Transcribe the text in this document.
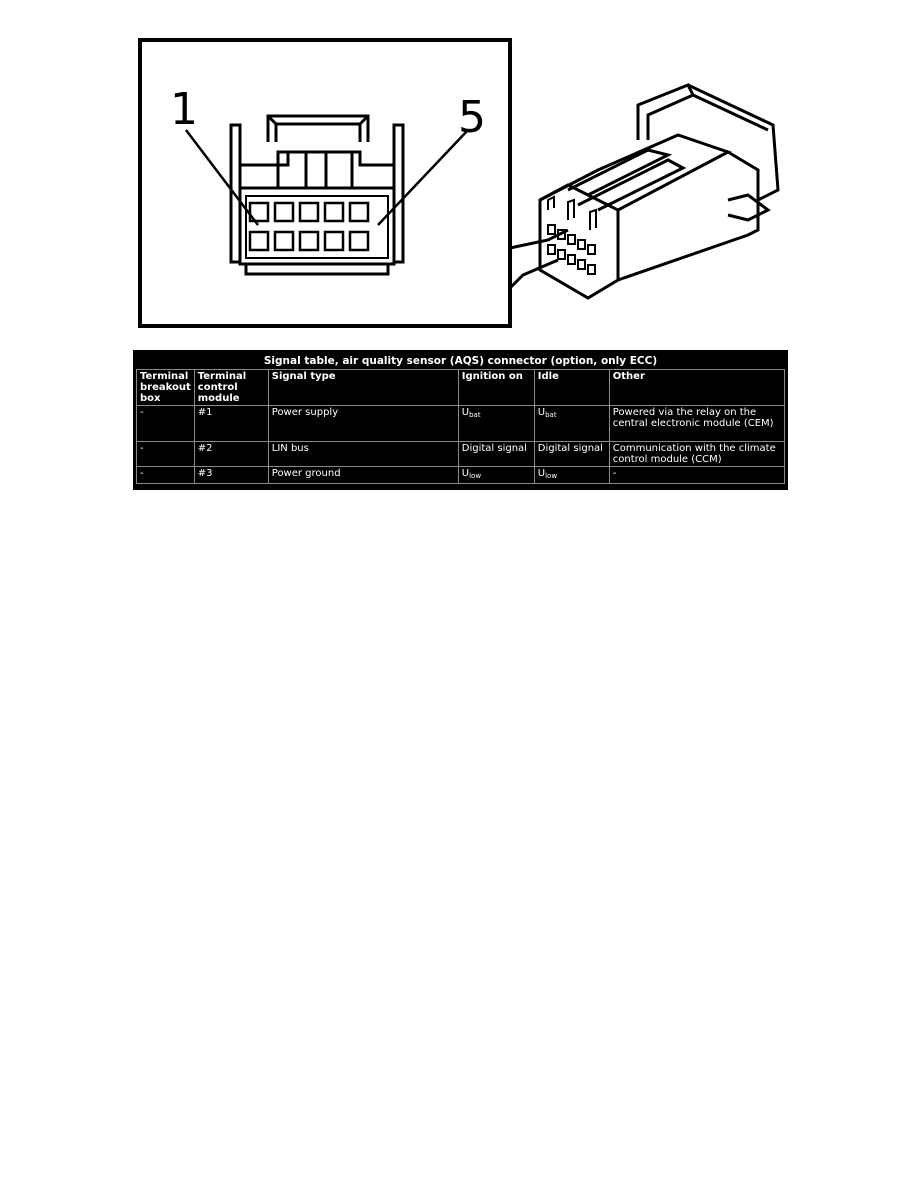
1	5
Signal table, air quality sensor (AQS) connector (option, only ECC)
Terminal breakout box	Terminal control module	Signal type	Ignition on	Idle	Other
-	#1	Power supply	$U_{bat}$	$U_{bat}$	Powered via the relay on the central electronic module (CEM)
-	#2	LIN bus	Digital signal	Digital signal	Communication with the climate control module (CCM)
-	#3	Power ground	$U_{low}$	$U_{low}$	-
